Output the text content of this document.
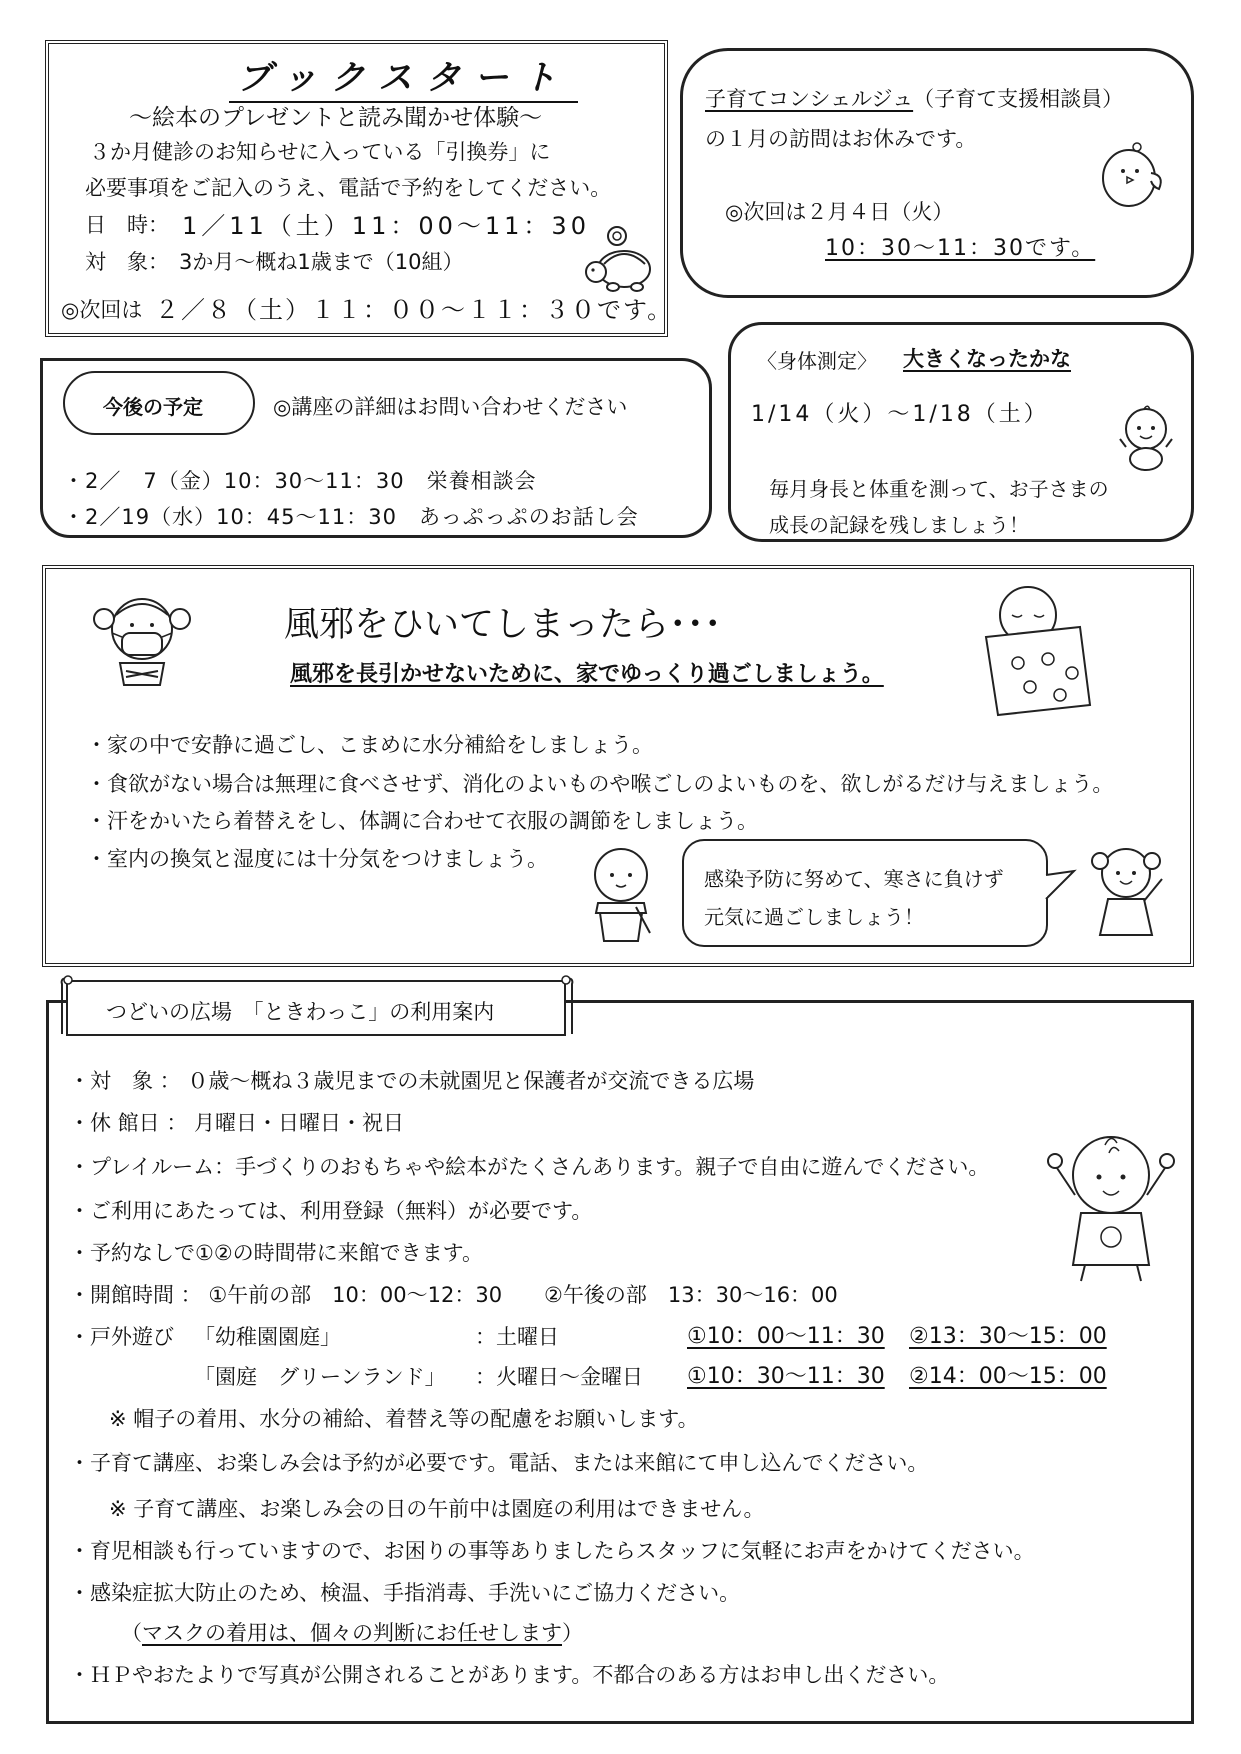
ブックスタート
～絵本のプレゼントと読み聞かせ体験～
３か月健診のお知らせに入っている「引換券」に
必要事項をご記入のうえ、電話で予約をしてください。
日　時： 1／11（土）11：00～11：30
対　象： 3か月～概ね1歳まで（10組）
◎次回は ２／８（土）１１：００～１１：３０です。
子育てコンシェルジュ（子育て支援相談員）
の１月の訪問はお休みです。
◎次回は２月４日（火）
10：30～11：30です。
今後の予定	◎講座の詳細はお問い合わせください
・2／　7（金）10：30～11：30　栄養相談会
・2／19（水）10：45～11：30　あっぷっぷのお話し会
〈身体測定〉 大きくなったかな
1/14（火）～1/18（土）
毎月身長と体重を測って、お子さまの
成長の記録を残しましょう！
風邪をひいてしまったら･･･
風邪を長引かせないために、家でゆっくり過ごしましょう。
・家の中で安静に過ごし、こまめに水分補給をしましょう。
・食欲がない場合は無理に食べさせず、消化のよいものや喉ごしのよいものを、欲しがるだけ与えましょう。
・汗をかいたら着替えをし、体調に合わせて衣服の調節をしましょう。
・室内の換気と湿度には十分気をつけましょう。
感染予防に努めて、寒さに負けず
元気に過ごしましょう！
・対　象 ： ０歳～概ね３歳児までの未就園児と保護者が交流できる広場
・休 館日 ： 月曜日・日曜日・祝日
・プレイルーム：手づくりのおもちゃや絵本がたくさんあります。親子で自由に遊んでください。
・ご利用にあたっては、利用登録（無料）が必要です。
・予約なしで①②の時間帯に来館できます。
・開館時間 ： ①午前の部　10：00～12：30　　②午後の部　13：30～16：00
・戸外遊び 「幼稚園園庭」	：土曜日	①10：00～11：30 ②13：30～15：00
「園庭　グリーンランド」 ：火曜日～金曜日 ①10：30～11：30 ②14：00～15：00
※ 帽子の着用、水分の補給、着替え等の配慮をお願いします。
・子育て講座、お楽しみ会は予約が必要です。電話、または来館にて申し込んでください。
※ 子育て講座、お楽しみ会の日の午前中は園庭の利用はできません。
・育児相談も行っていますので、お困りの事等ありましたらスタッフに気軽にお声をかけてください。
・感染症拡大防止のため、検温、手指消毒、手洗いにご協力ください。
（マスクの着用は、個々の判断にお任せします）
・ＨＰやおたよりで写真が公開されることがあります。不都合のある方はお申し出ください。
つどいの広場　「ときわっこ」の利用案内
